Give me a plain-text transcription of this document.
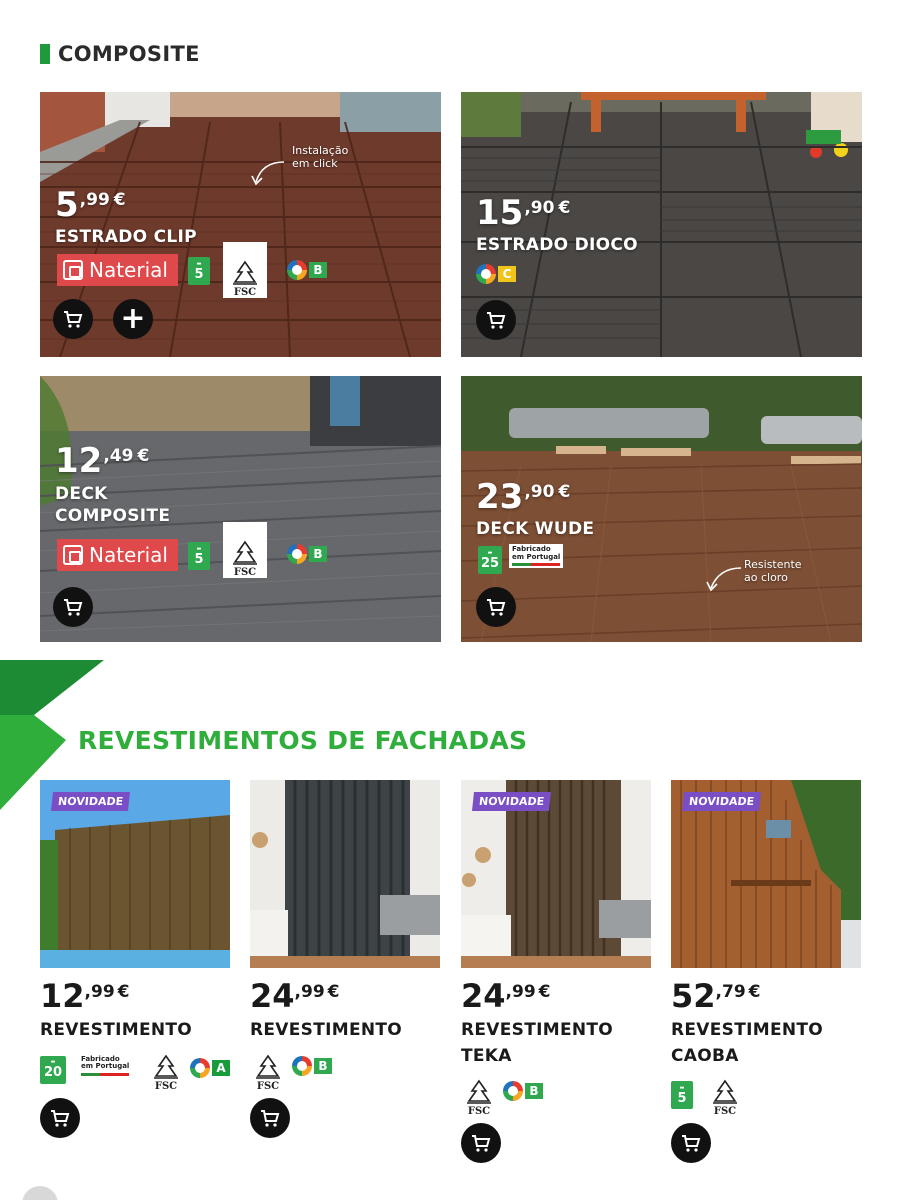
COMPOSITE
Instalação
em click
5,99 €
ESTRADO CLIP
Naterial	▬
5
FSC
B
+
15,90 €
ESTRADO DIOCO
C
12,49 €
DECK
COMPOSITE
Naterial	▬
5
FSC
B
23,90 €
DECK WUDE
▬
25
Fabricado
em Portugal
Resistente
ao cloro
REVESTIMENTOS DE FACHADAS
NOVIDADE
12,99 €
REVESTIMENTO
▬
20
Fabricado
em Portugal
FSC
A
24,99 €
REVESTIMENTO
FSC
B
NOVIDADE
24,99 €
REVESTIMENTO
TEKA
FSC
B
NOVIDADE
52,79 €
REVESTIMENTO
CAOBA
▬
5
FSC
